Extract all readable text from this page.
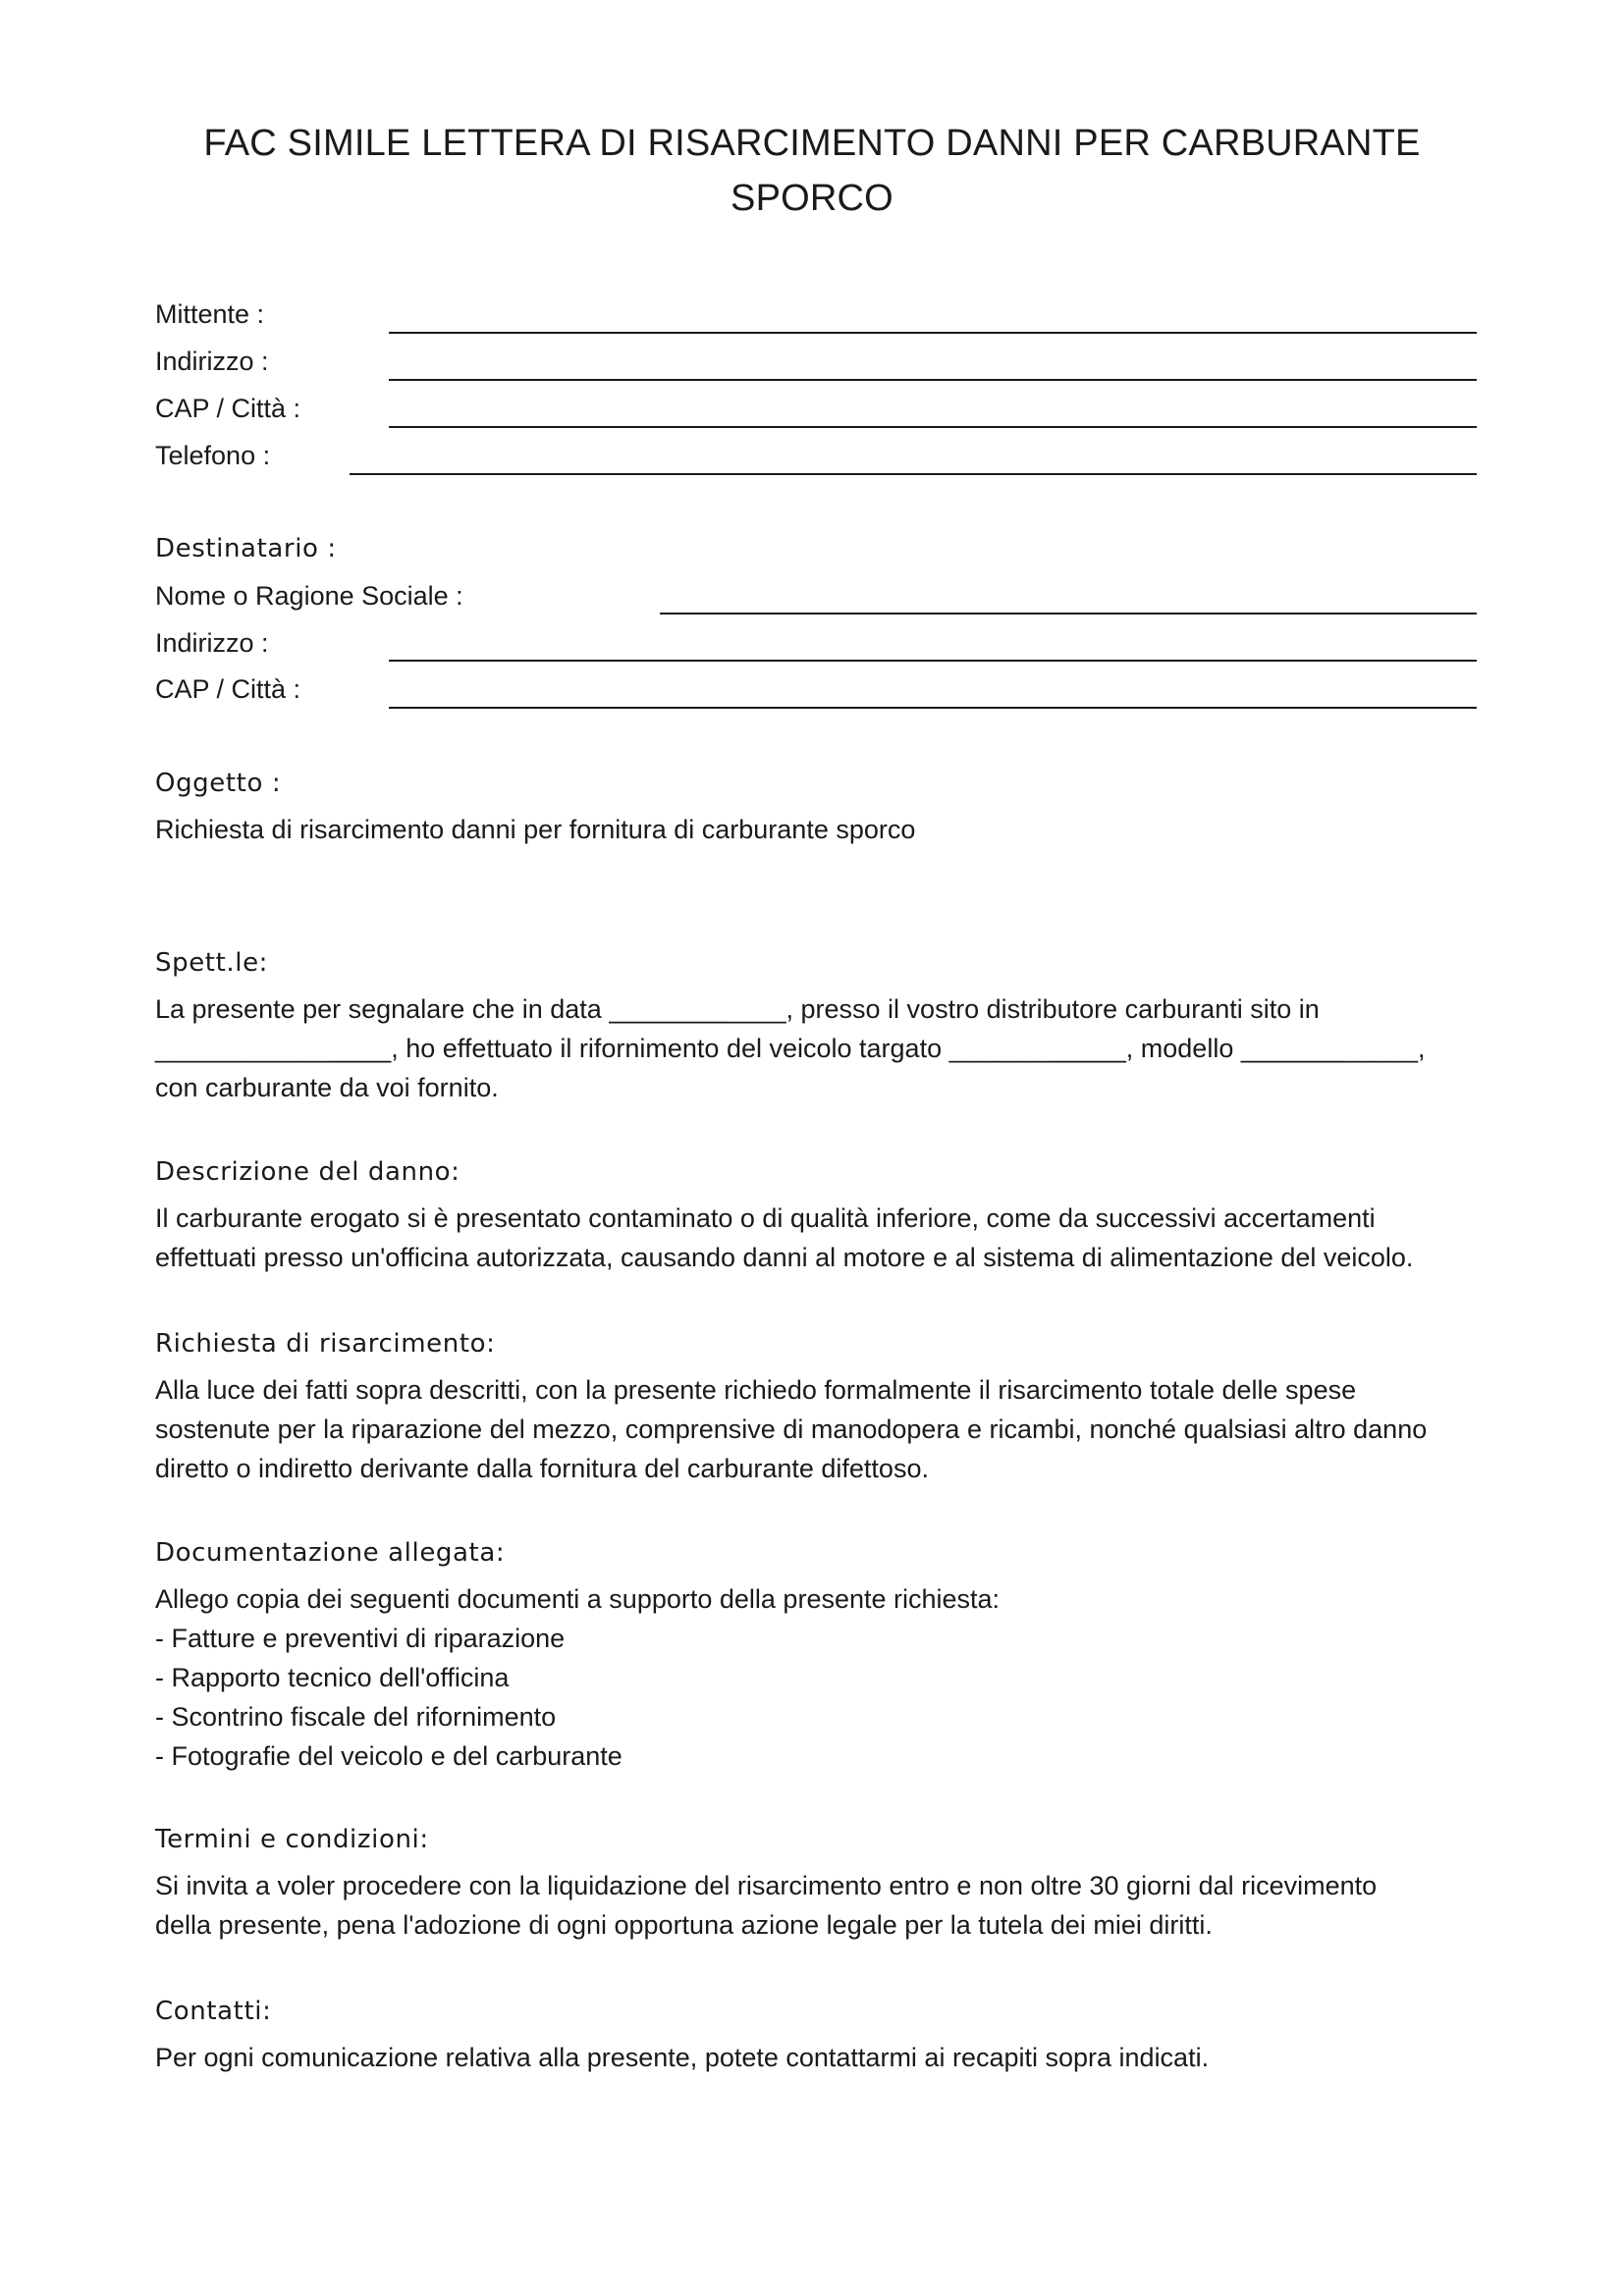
FAC SIMILE LETTERA DI RISARCIMENTO DANNI PER CARBURANTE
SPORCO
Mittente :
Indirizzo :
CAP / Città :
Telefono :
Destinatario :
Nome o Ragione Sociale :
Indirizzo :
CAP / Città :
Oggetto :
Richiesta di risarcimento danni per fornitura di carburante sporco
Spett.le:
La presente per segnalare che in data ____________, presso il vostro distributore carburanti sito in
________________, ho effettuato il rifornimento del veicolo targato ____________, modello ____________,
con carburante da voi fornito.
Descrizione del danno:
Il carburante erogato si è presentato contaminato o di qualità inferiore, come da successivi accertamenti
effettuati presso un'officina autorizzata, causando danni al motore e al sistema di alimentazione del veicolo.
Richiesta di risarcimento:
Alla luce dei fatti sopra descritti, con la presente richiedo formalmente il risarcimento totale delle spese
sostenute per la riparazione del mezzo, comprensive di manodopera e ricambi, nonché qualsiasi altro danno
diretto o indiretto derivante dalla fornitura del carburante difettoso.
Documentazione allegata:
Allego copia dei seguenti documenti a supporto della presente richiesta:
- Fatture e preventivi di riparazione
- Rapporto tecnico dell'officina
- Scontrino fiscale del rifornimento
- Fotografie del veicolo e del carburante
Termini e condizioni:
Si invita a voler procedere con la liquidazione del risarcimento entro e non oltre 30 giorni dal ricevimento
della presente, pena l'adozione di ogni opportuna azione legale per la tutela dei miei diritti.
Contatti:
Per ogni comunicazione relativa alla presente, potete contattarmi ai recapiti sopra indicati.
